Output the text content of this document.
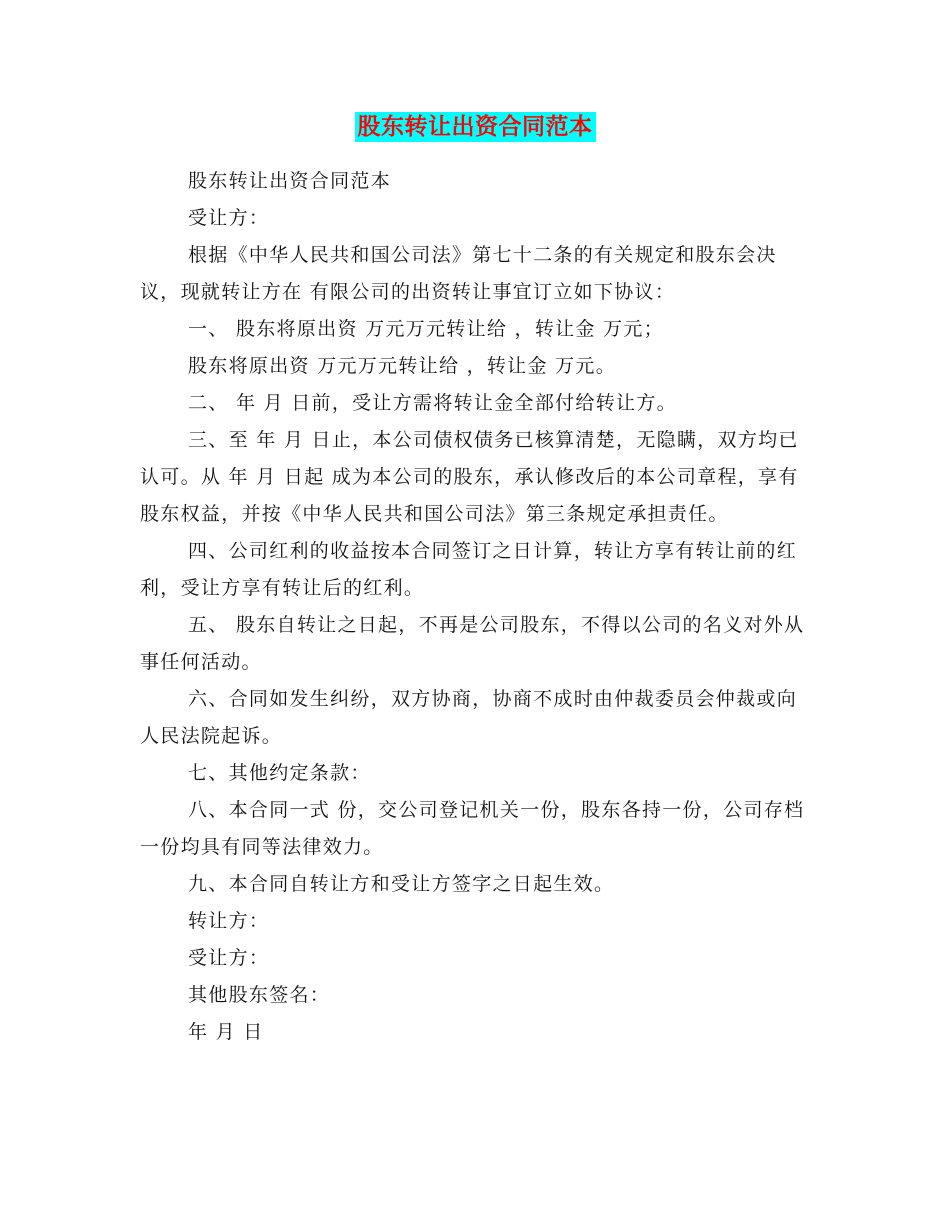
股东转让出资合同范本

股东转让出资合同范本

受让方：

根据《中华人民共和国公司法》第七十二条的有关规定和股东会决议，现就转让方在 有限公司的出资转让事宜订立如下协议：

一、 股东将原出资 万元万元转让给 ，转让金 万元；

股东将原出资 万元万元转让给 ，转让金 万元。

二、 年 月 日前，受让方需将转让金全部付给转让方。

三、至 年 月 日止，本公司债权债务已核算清楚，无隐瞒，双方均已认可。从 年 月 日起 成为本公司的股东，承认修改后的本公司章程，享有股东权益，并按《中华人民共和国公司法》第三条规定承担责任。

四、公司红利的收益按本合同签订之日计算，转让方享有转让前的红利，受让方享有转让后的红利。

五、 股东自转让之日起，不再是公司股东，不得以公司的名义对外从事任何活动。

六、合同如发生纠纷，双方协商，协商不成时由仲裁委员会仲裁或向人民法院起诉。

七、其他约定条款：

八、本合同一式 份，交公司登记机关一份，股东各持一份，公司存档一份均具有同等法律效力。

九、本合同自转让方和受让方签字之日起生效。

转让方：

受让方：

其他股东签名：

年 月 日
